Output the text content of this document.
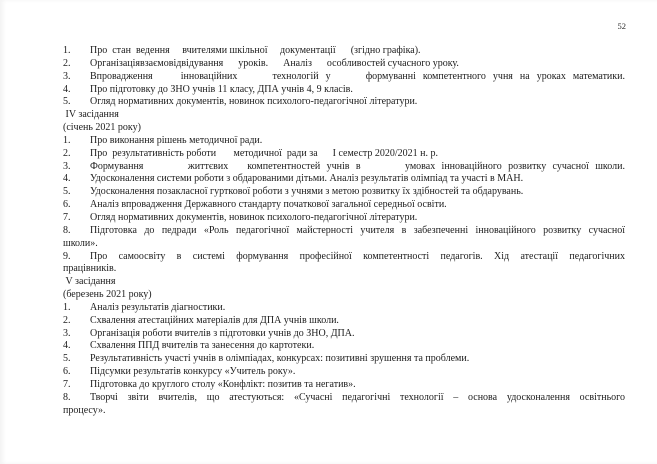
52
1.	Про  стан  ведення     вчителями шкільної     документації      (згідно графіка).
2.	Організаціявзаємовідвідування      уроків.      Аналіз      особливостей сучасного уроку.
3.	Впровадження    інноваційних     технологій у     формуванні компетентного учня на уроках математики.
4.	Про підготовку до ЗНО учнів 11 класу, ДПА учнів 4, 9 класів.
5.	Огляд нормативних документів, новинок психолого-педагогічної літератури.
IV засідання
(січень 2021 року)
1.	Про виконання рішень методичної ради.
2.	Про  результативність роботи       методичної  ради за      І семестр 2020/2021 н. р.
3.	Формування       життєвих   компетентностей учнів в       умовах інноваційного розвитку сучасної школи.
4.	Удосконалення системи роботи з обдарованими дітьми. Аналіз результатів олімпіад та участі в МАН.
5.	Удосконалення позакласної гурткової роботи з учнями з метою розвитку їх здібностей та обдарувань.
6.	Аналіз впровадження Державного стандарту початкової загальної середньої освіти.
7.	Огляд нормативних документів, новинок психолого-педагогічної літератури.
8.	Підготовка до педради «Роль педагогічної майстерності учителя в забезпеченні інноваційного розвитку сучасної
школи».
9.	Про самоосвіту в системі формування професійної компетентності педагогів. Хід атестації педагогічних
працівників.
V засідання
(березень 2021 року)
1.	Аналіз результатів діагностики.
2.	Схвалення атестаційних матеріалів для ДПА учнів школи.
3.	Організація роботи вчителів з підготовки учнів до ЗНО, ДПА.
4.	Схвалення ППД вчителів та занесення до картотеки.
5.	Результативність участі учнів в олімпіадах, конкурсах: позитивні зрушення та проблеми.
6.	Підсумки результатів конкурсу «Учитель року».
7.	Підготовка до круглого столу «Конфлікт: позитив та негатив».
8.	Творчі звіти вчителів, що атестуються: «Сучасні педагогічні технології – основа удосконалення освітнього
процесу».
